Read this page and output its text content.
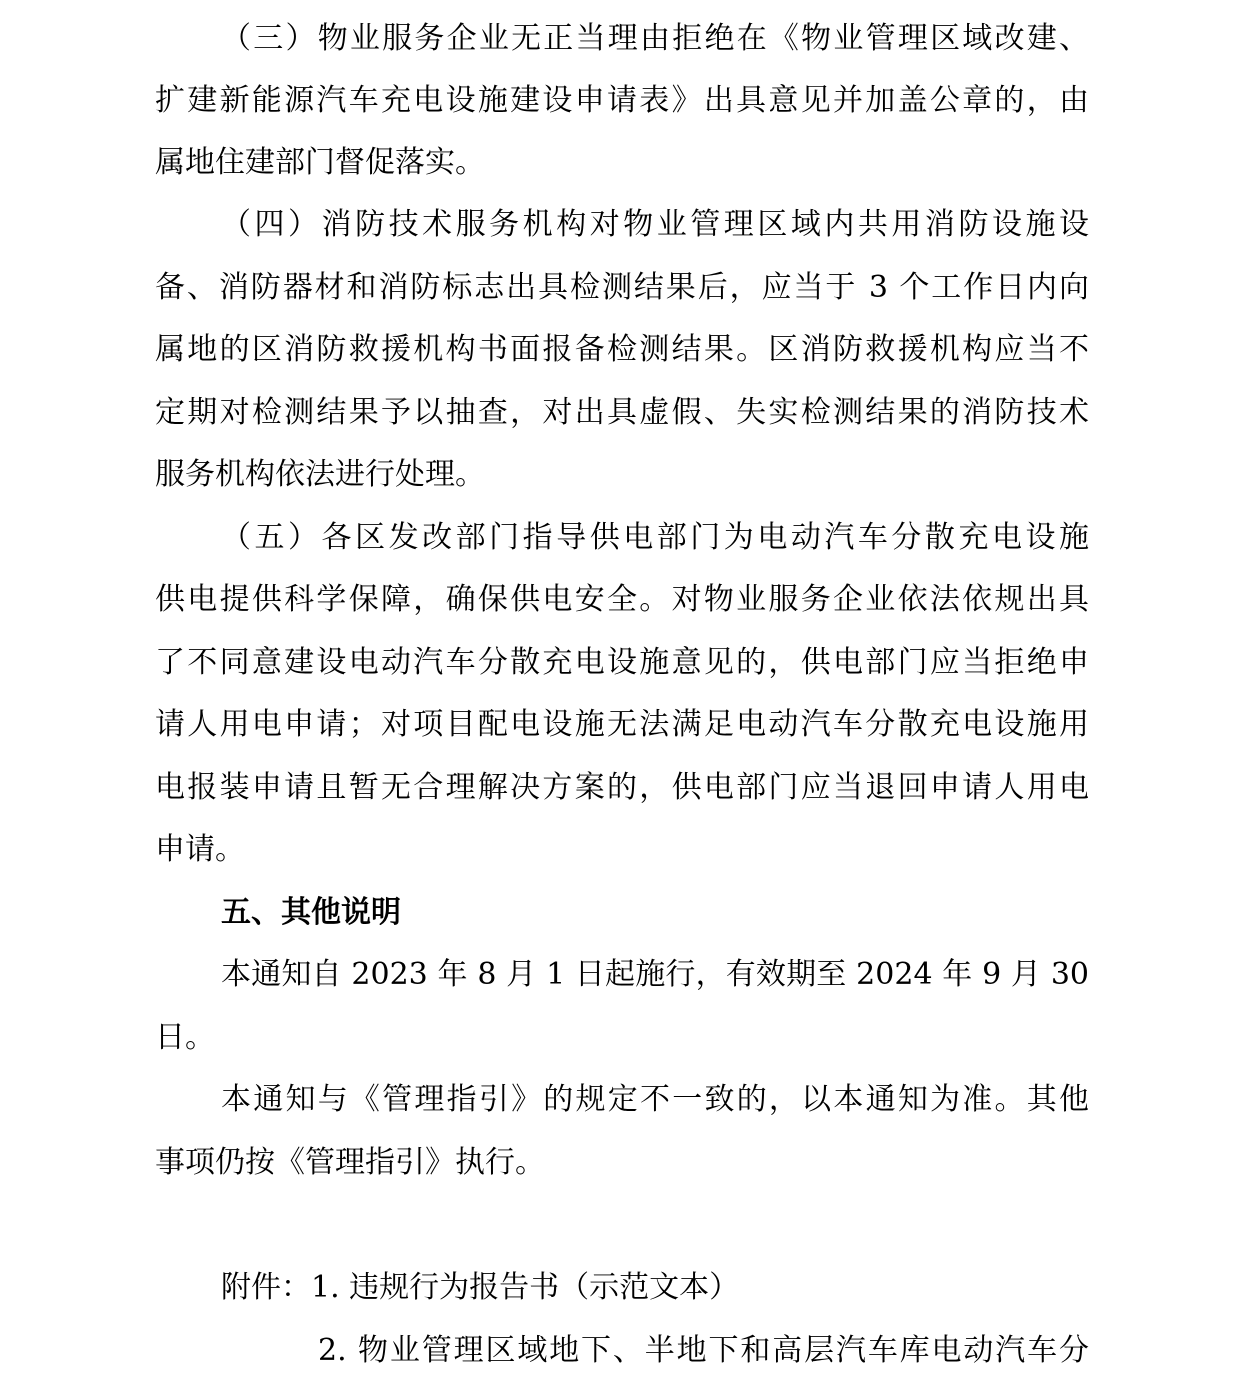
（三）物业服务企业无正当理由拒绝在《物业管理区域改建、
扩建新能源汽车充电设施建设申请表》出具意见并加盖公章的，由
属地住建部门督促落实。
（四）消防技术服务机构对物业管理区域内共用消防设施设
备、消防器材和消防标志出具检测结果后，应当于 3 个工作日内向
属地的区消防救援机构书面报备检测结果。区消防救援机构应当不
定期对检测结果予以抽查，对出具虚假、失实检测结果的消防技术
服务机构依法进行处理。
（五）各区发改部门指导供电部门为电动汽车分散充电设施
供电提供科学保障，确保供电安全。对物业服务企业依法依规出具
了不同意建设电动汽车分散充电设施意见的，供电部门应当拒绝申
请人用电申请；对项目配电设施无法满足电动汽车分散充电设施用
电报装申请且暂无合理解决方案的，供电部门应当退回申请人用电
申请。
五、其他说明
本通知自 2023 年 8 月 1 日起施行，有效期至 2024 年 9 月 30
日。
本通知与《管理指引》的规定不一致的，以本通知为准。其他
事项仍按《管理指引》执行。
附件：1. 违规行为报告书（示范文本）
2. 物业管理区域地下、半地下和高层汽车库电动汽车分
